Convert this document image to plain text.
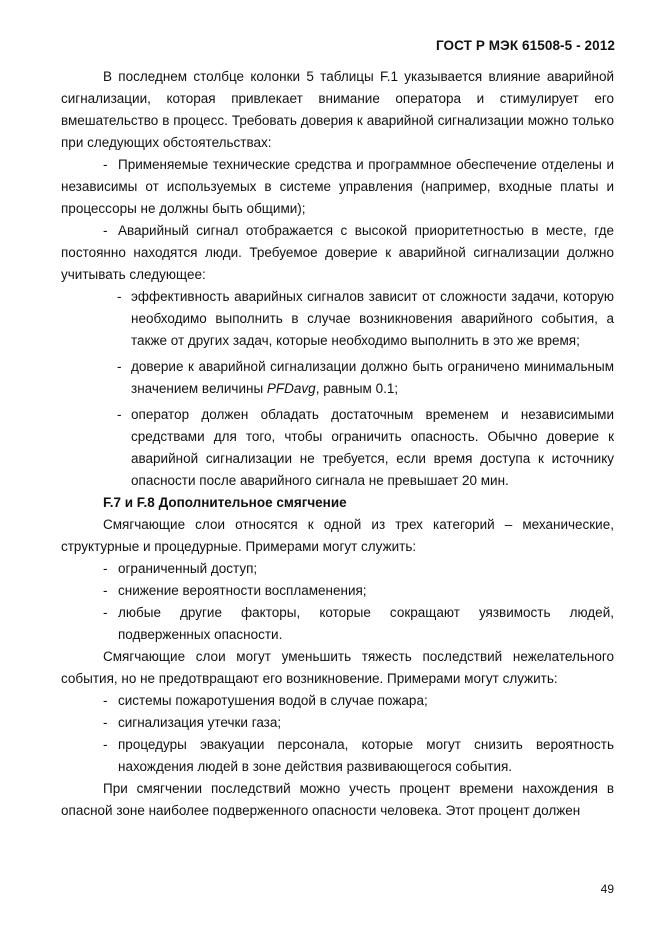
ГОСТ Р МЭК 61508-5 - 2012

В последнем столбце колонки 5 таблицы F.1 указывается влияние аварийной сигнализации, которая привлекает внимание оператора и стимулирует его вмешательство в процесс. Требовать доверия к аварийной сигнализации можно только при следующих обстоятельствах:

- Применяемые технические средства и программное обеспечение отделены и независимы от используемых в системе управления (например, входные платы и процессоры не должны быть общими);

- Аварийный сигнал отображается с высокой приоритетностью в месте, где постоянно находятся люди. Требуемое доверие к аварийной сигнализации должно учитывать следующее:

- эффективность аварийных сигналов зависит от сложности задачи, которую необходимо выполнить в случае возникновения аварийного события, а также от других задач, которые необходимо выполнить в это же время;

- доверие к аварийной сигнализации должно быть ограничено минимальным значением величины PFDavg, равным 0.1;

- оператор должен обладать достаточным временем и независимыми средствами для того, чтобы ограничить опасность. Обычно доверие к аварийной сигнализации не требуется, если время доступа к источнику опасности после аварийного сигнала не превышает 20 мин.

F.7 и F.8 Дополнительное смягчение

Смягчающие слои относятся к одной из трех категорий – механические, структурные и процедурные. Примерами могут служить:

- ограниченный доступ;

- снижение вероятности воспламенения;

- любые другие факторы, которые сокращают уязвимость людей, подверженных опасности.

Смягчающие слои могут уменьшить тяжесть последствий нежелательного события, но не предотвращают его возникновение. Примерами могут служить:

- системы пожаротушения водой в случае пожара;

- сигнализация утечки газа;

- процедуры эвакуации персонала, которые могут снизить вероятность нахождения людей в зоне действия развивающегося события.

При смягчении последствий можно учесть процент времени нахождения в опасной зоне наиболее подверженного опасности человека. Этот процент должен

49
